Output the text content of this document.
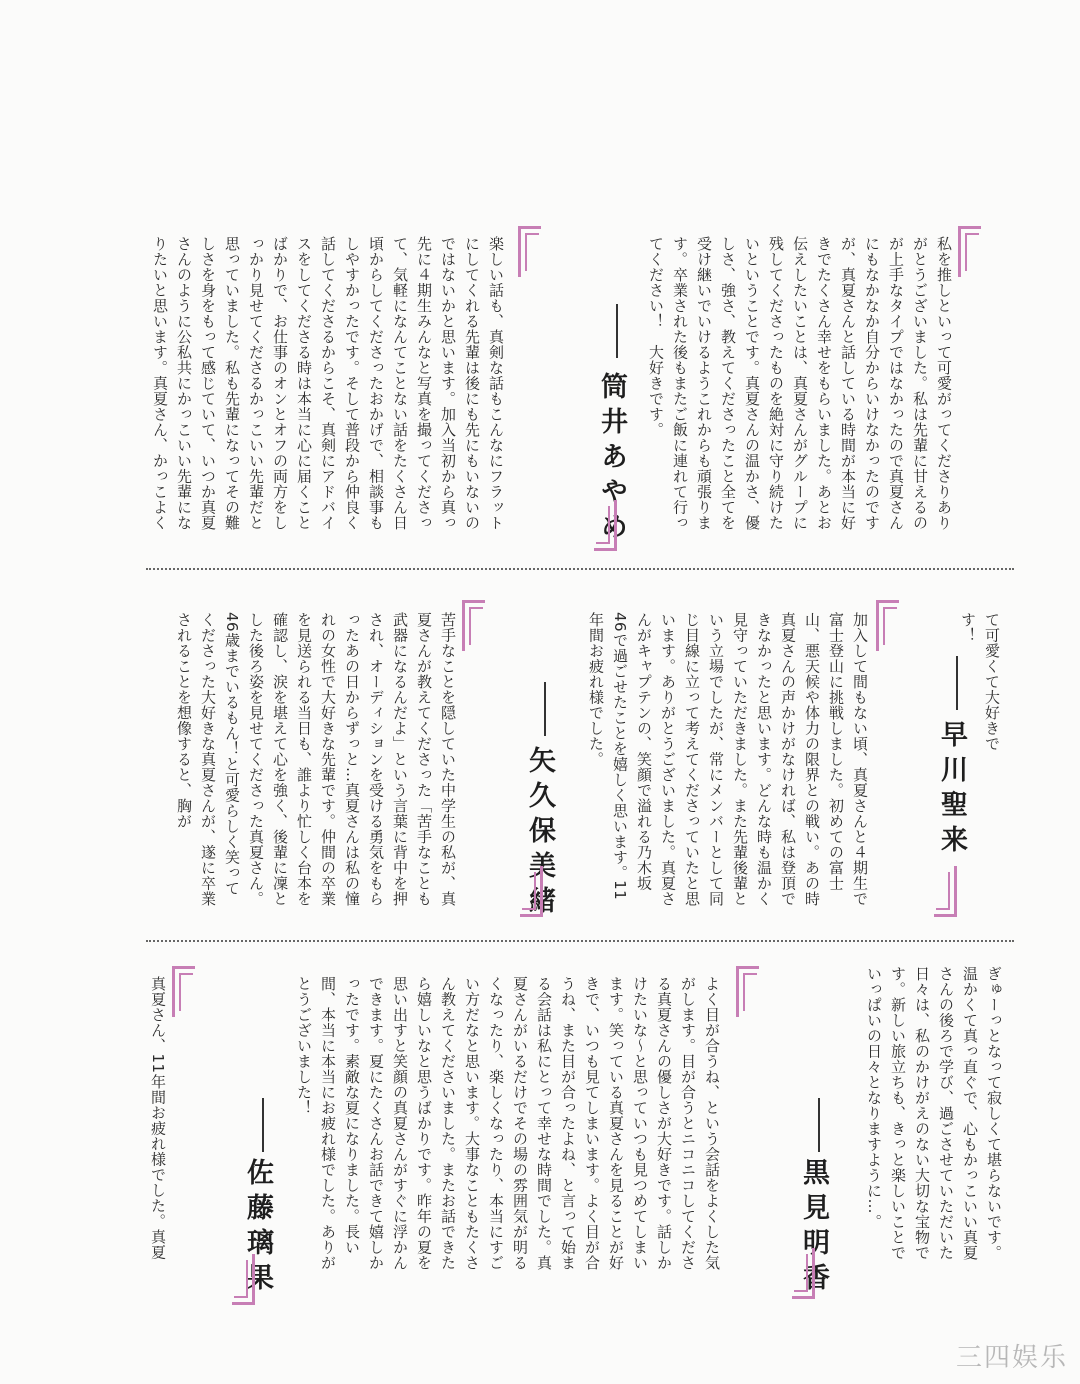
私を推しといって可愛がってくださりありがとうございました。私は先輩に甘えるのが上手なタイプではなかったので真夏さんにもなかなか自分からいけなかったのですが、真夏さんと話している時間が本当に好きでたくさん幸せをもらいました。あとお伝えしたいことは、真夏さんがグループに残してくださったものを絶対に守り続けたいということです。真夏さんの温かさ、優しさ、強さ、教えてくださったこと全てを受け継いでいけるようこれからも頑張ります。卒業された後もまたご飯に連れて行ってください！　大好きです。
筒井あやめ
楽しい話も、真剣な話もこんなにフラットにしてくれる先輩は後にも先にもいないのではないかと思います。加入当初から真っ先に４期生みんなと写真を撮ってくださって、気軽になんてことない話をたくさん日頃からしてくださったおかげで、相談事もしやすかったです。そして普段から仲良く話してくださるからこそ、真剣にアドバイスをしてくださる時は本当に心に届くことばかりで、お仕事のオンとオフの両方をしっかり見せてくださるかっこいい先輩だと思っていました。私も先輩になってその難しさを身をもって感じていて、いつか真夏さんのように公私共にかっこいい先輩になりたいと思います。真夏さん、かっこよく
て可愛くて大好きです！
早川聖来
加入して間もない頃、真夏さんと４期生で富士登山に挑戦しました。初めての富士山、悪天候や体力の限界との戦い。あの時真夏さんの声かけがなければ、私は登頂できなかったと思います。どんな時も温かく見守っていただきました。また先輩後輩という立場でしたが、常にメンバーとして同じ目線に立って考えてくださっていたと思います。ありがとうございました。真夏さんがキャプテンの、笑顔で溢れる乃木坂46で過ごせたことを嬉しく思います。11年間お疲れ様でした。
矢久保美緒
苦手なことを隠していた中学生の私が、真夏さんが教えてくださった「苦手なことも武器になるんだよ」という言葉に背中を押され、オーディションを受ける勇気をもらったあの日からずっと…真夏さんは私の憧れの女性で大好きな先輩です。仲間の卒業を見送られる当日も、誰より忙しく台本を確認し、涙を堪えて心を強く、後輩に凜とした後ろ姿を見せてくださった真夏さん。46歳までいるもん！と可愛らしく笑ってくださった大好きな真夏さんが、遂に卒業されることを想像すると、胸が
ぎゅーっとなって寂しくて堪らないです。温かくて真っ直ぐで、心もかっこいい真夏さんの後ろで学び、過ごさせていただいた日々は、私のかけがえのない大切な宝物です。新しい旅立ちも、きっと楽しいことでいっぱいの日々となりますように…。
黒見明香
よく目が合うね、という会話をよくした気がします。目が合うとニコニコしてくださる真夏さんの優しさが大好きです。話しかけたいな〜と思っていつも見つめてしまいます。笑っている真夏さんを見ることが好きで、いつも見てしまいます。よく目が合うね、また目が合ったよね、と言って始まる会話は私にとって幸せな時間でした。真夏さんがいるだけでその場の雰囲気が明るくなったり、楽しくなったり、本当にすごい方だなと思います。大事なこともたくさん教えてくださいました。またお話できたら嬉しいなと思うばかりです。昨年の夏を思い出すと笑顔の真夏さんがすぐに浮かんできます。夏にたくさんお話できて嬉しかったです。素敵な夏になりました。長い間、本当に本当にお疲れ様でした。ありがとうございました！
佐藤璃果
真夏さん、11年間お疲れ様でした。真夏
三四娱乐
